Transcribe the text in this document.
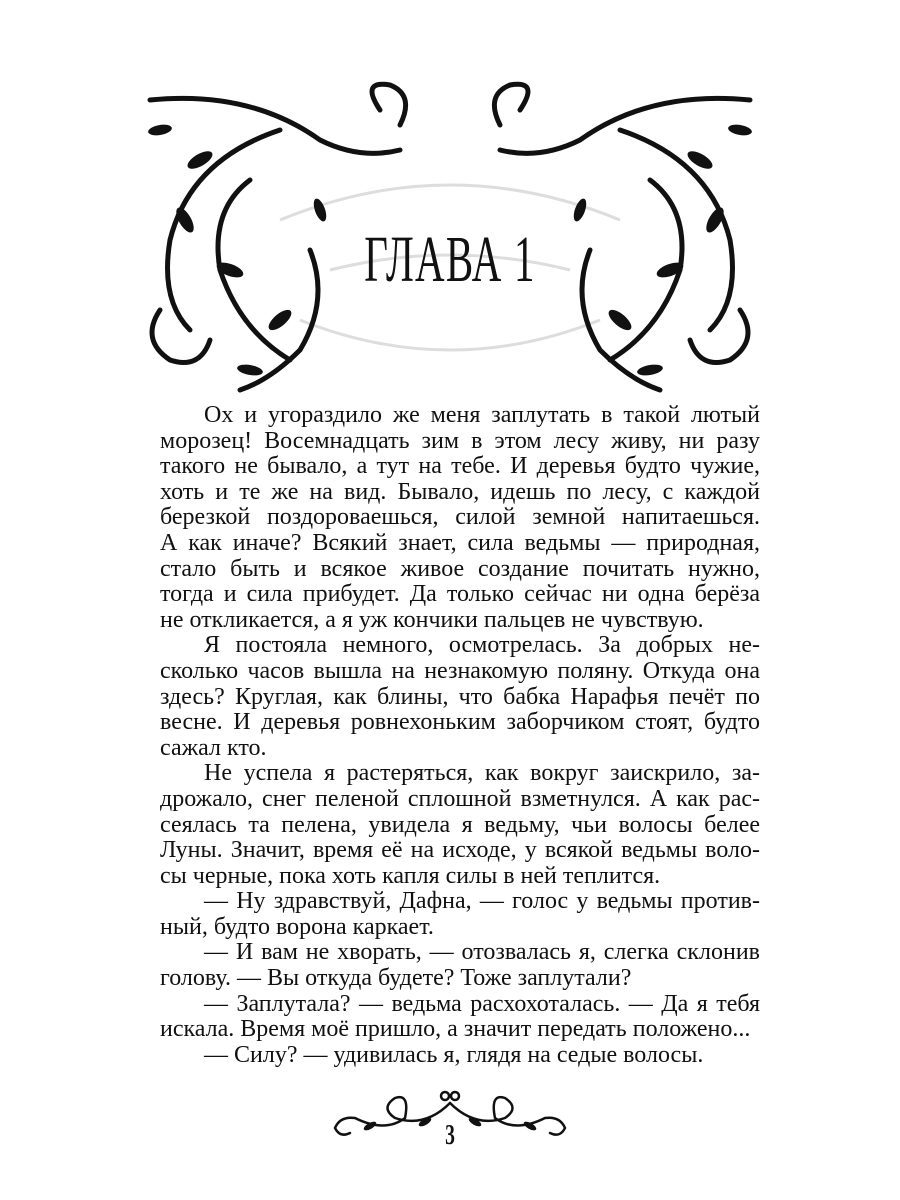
ГЛАВА 1
Ох и угораздило же меня заплутать в такой лютый
морозец! Восемнадцать зим в этом лесу живу, ни разу
такого не бывало, а тут на тебе. И деревья будто чужие,
хоть и те же на вид. Бывало, идешь по лесу, с каждой
березкой поздороваешься, силой земной напитаешься.
А как иначе? Всякий знает, сила ведьмы — природная,
стало быть и всякое живое создание почитать нужно,
тогда и сила прибудет. Да только сейчас ни одна берёза
не откликается, а я уж кончики пальцев не чувствую.
Я постояла немного, осмотрелась. За добрых не-
сколько часов вышла на незнакомую поляну. Откуда она
здесь? Круглая, как блины, что бабка Нарафья печёт по
весне. И деревья ровнехоньким заборчиком стоят, будто
сажал кто.
Не успела я растеряться, как вокруг заискрило, за-
дрожало, снег пеленой сплошной взметнулся. А как рас-
сеялась та пелена, увидела я ведьму, чьи волосы белее
Луны. Значит, время её на исходе, у всякой ведьмы воло-
сы черные, пока хоть капля силы в ней теплится.
— Ну здравствуй, Дафна, — голос у ведьмы против-
ный, будто ворона каркает.
— И вам не хворать, — отозвалась я, слегка склонив
голову. — Вы откуда будете? Тоже заплутали?
— Заплутала? — ведьма расхохоталась. — Да я тебя
искала. Время моё пришло, а значит передать положено...
— Силу? — удивилась я, глядя на седые волосы.
3
